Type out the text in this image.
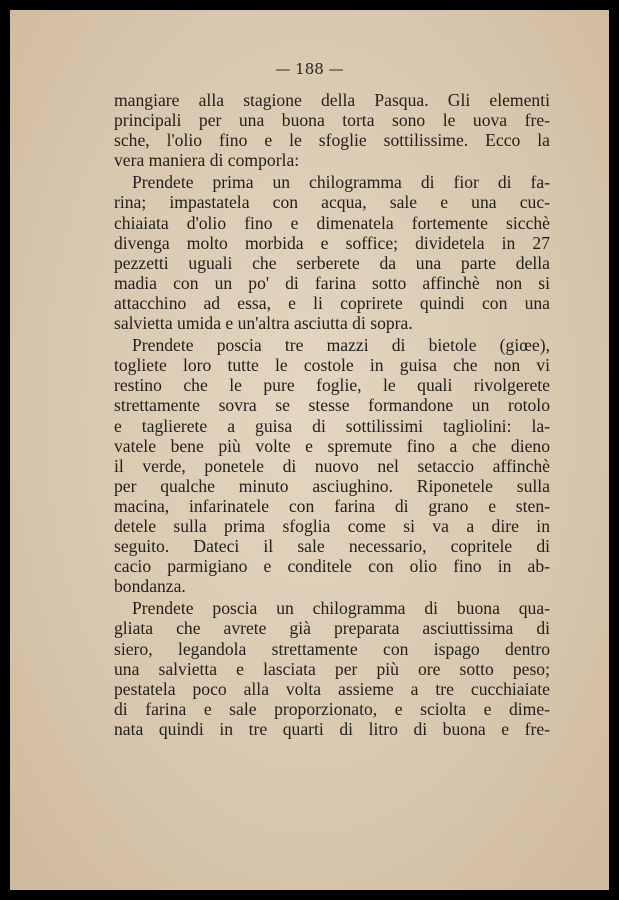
— 188 —
mangiare alla stagione della Pasqua. Gli elementi
principali per una buona torta sono le uova fre-
sche, l'olio fino e le sfoglie sottilissime. Ecco la
vera maniera di comporla:
Prendete prima un chilogramma di fior di fa-
rina; impastatela con acqua, sale e una cuc-
chiaiata d'olio fino e dimenatela fortemente sicchè
divenga molto morbida e soffice; dividetela in 27
pezzetti uguali che serberete da una parte della
madia con un po' di farina sotto affinchè non si
attacchino ad essa, e li coprirete quindi con una
salvietta umida e un'altra asciutta di sopra.
Prendete poscia tre mazzi di bietole (giœe),
toglietе loro tutte le costole in guisa che non vi
restino che le pure foglie, le quali rivolgerete
strettamente sovra se stesse formandone un rotolo
e taglierete a guisa di sottilissimi tagliolini: la-
vatele bene più volte e spremute fino a che dieno
il verde, ponetele di nuovo nel setaccio affinchè
per qualche minuto asciughino. Riponetele sulla
macina, infarinatele con farina di grano e sten-
detele sulla prima sfoglia come si va a dire in
seguito. Dateci il sale necessario, copritele di
cacio parmigiano e conditele con olio fino in ab-
bondanza.
Prendete poscia un chilogramma di buona qua-
gliata che avrete già preparata asciuttissima di
siero, legandola strettamente con ispago dentro
una salvietta e lasciata per più ore sotto peso;
pestatela poco alla volta assieme a tre cucchiaiate
di farina e sale proporzionato, e sciolta e dime-
nata quindi in tre quarti di litro di buona e fre-
